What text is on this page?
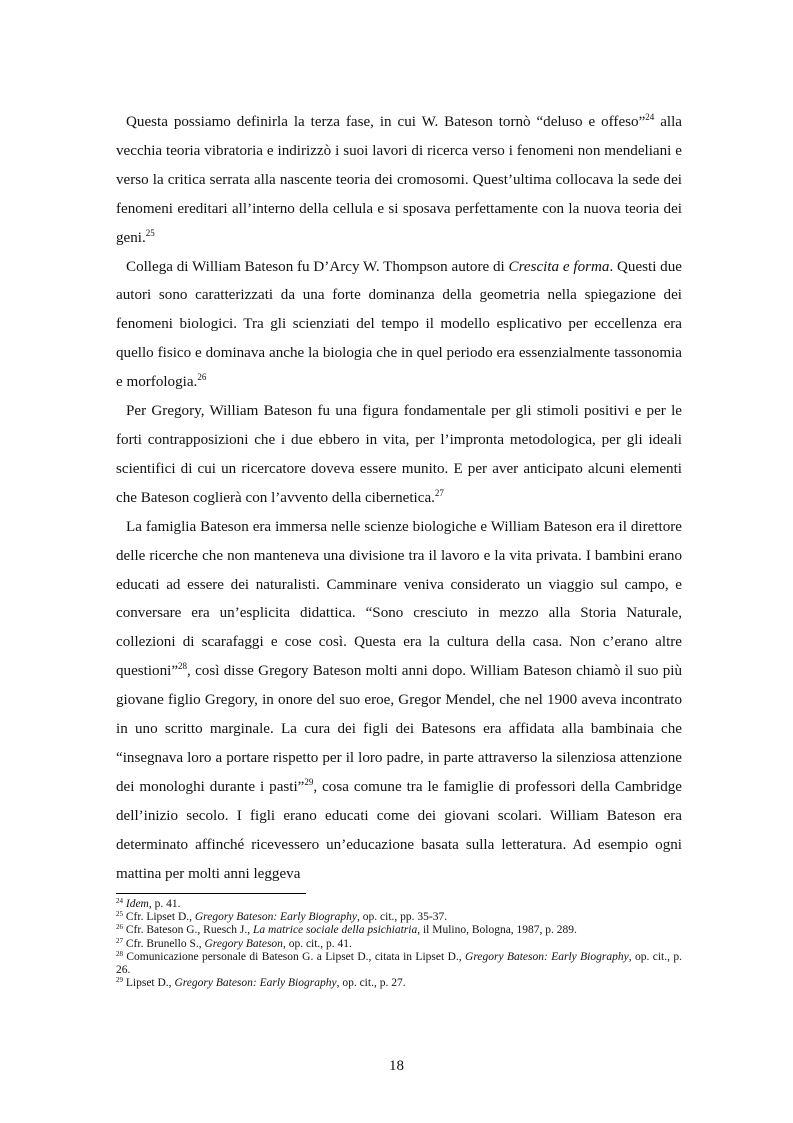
Questa possiamo definirla la terza fase, in cui W. Bateson tornò “deluso e offeso”$^{24}$ alla vecchia teoria vibratoria e indirizzò i suoi lavori di ricerca verso i fenomeni non mendeliani e verso la critica serrata alla nascente teoria dei cromosomi. Quest’ultima collocava la sede dei fenomeni ereditari all’interno della cellula e si sposava perfettamente con la nuova teoria dei geni.$^{25}$

Collega di William Bateson fu D’Arcy W. Thompson autore di Crescita e forma. Questi due autori sono caratterizzati da una forte dominanza della geometria nella spiegazione dei fenomeni biologici. Tra gli scienziati del tempo il modello esplicativo per eccellenza era quello fisico e dominava anche la biologia che in quel periodo era essenzialmente tassonomia e morfologia.$^{26}$

Per Gregory, William Bateson fu una figura fondamentale per gli stimoli positivi e per le forti contrapposizioni che i due ebbero in vita, per l’impronta metodologica, per gli ideali scientifici di cui un ricercatore doveva essere munito. E per aver anticipato alcuni elementi che Bateson coglierà con l’avvento della cibernetica.$^{27}$

La famiglia Bateson era immersa nelle scienze biologiche e William Bateson era il direttore delle ricerche che non manteneva una divisione tra il lavoro e la vita privata. I bambini erano educati ad essere dei naturalisti. Camminare veniva considerato un viaggio sul campo, e conversare era un’esplicita didattica. “Sono cresciuto in mezzo alla Storia Naturale, collezioni di scarafaggi e cose così. Questa era la cultura della casa. Non c’erano altre questioni”$^{28}$, così disse Gregory Bateson molti anni dopo. William Bateson chiamò il suo più giovane figlio Gregory, in onore del suo eroe, Gregor Mendel, che nel 1900 aveva incontrato in uno scritto marginale. La cura dei figli dei Batesons era affidata alla bambinaia che “insegnava loro a portare rispetto per il loro padre, in parte attraverso la silenziosa attenzione dei monologhi durante i pasti”$^{29}$, cosa comune tra le famiglie di professori della Cambridge dell’inizio secolo. I figli erano educati come dei giovani scolari. William Bateson era determinato affinché ricevessero un’educazione basata sulla letteratura. Ad esempio ogni mattina per molti anni leggeva

$^{24}$ Idem, p. 41.

$^{25}$ Cfr. Lipset D., Gregory Bateson: Early Biography, op. cit., pp. 35-37.

$^{26}$ Cfr. Bateson G., Ruesch J., La matrice sociale della psichiatria, il Mulino, Bologna, 1987, p. 289.

$^{27}$ Cfr. Brunello S., Gregory Bateson, op. cit., p. 41.

$^{28}$ Comunicazione personale di Bateson G. a Lipset D., citata in Lipset D., Gregory Bateson: Early Biography, op. cit., p. 26.

$^{29}$ Lipset D., Gregory Bateson: Early Biography, op. cit., p. 27.

18
